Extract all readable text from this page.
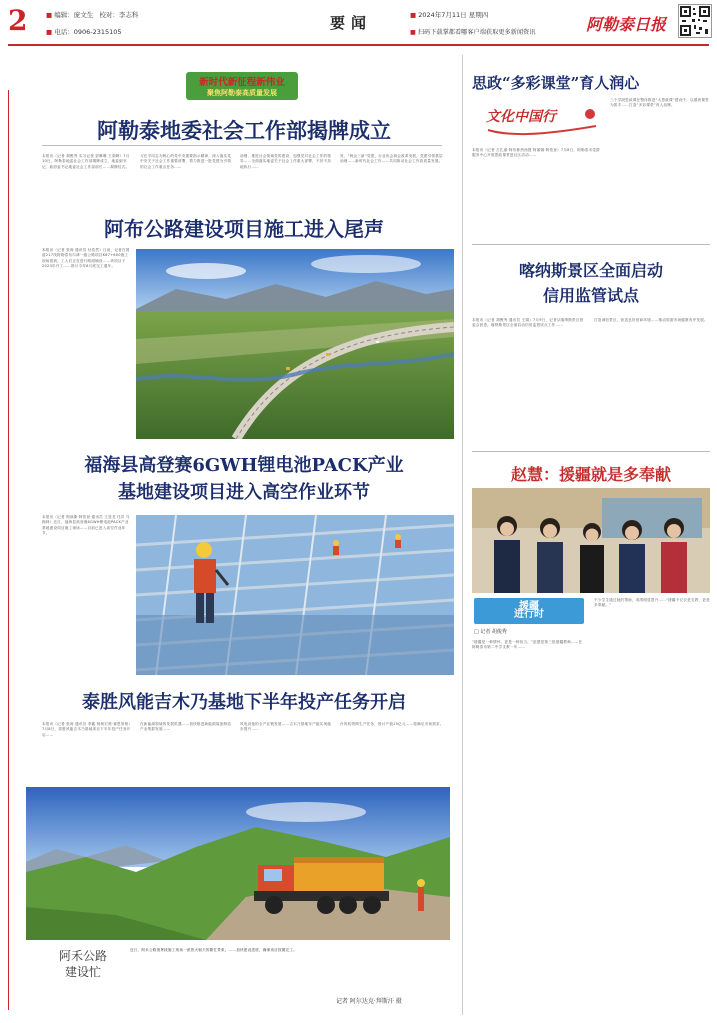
2	■ 编辑：庞文生 校对：李志科
■ 电话：0906-2315105	要闻	■ 2024年7月11日 星期四
■ 扫码下载掌都看哪客户端获取更多新闻资讯	阿勒泰日报
新时代新征程新伟业
聚焦阿勒泰高质量发展
阿勒泰地委社会工作部揭牌成立
本报讯（记者 胡俊秀 实习记者 彭琳琳 王梁啊）7月10日，阿勒泰地委社会工作部揭牌成立，地委副书记、政府委书记地委社会工作部部长……揭牌仪式。
习在平同志为核心的党中央重要指示精神，深入落实党中央关于社会工作重要部署，着力推进一批党建为引领的社会工作重点任务……
治理、推进社会领域党的建设、加强党对社会工作的领导……全面落实地委关于社会工作重大部署，不折不扣地执行……
发、“两企三新”党建、行业协会商会改革发展，党建引领基层治理……新时代社会工作……共同推动社会工作高质量发展。
阿布公路建设项目施工进入尾声
本报讯（记者 张涛 通讯员 付浩然）日前，记者在国道217线阿勒泰布尔津一级公路项目K67+600施工现场看到，工人们正在进行路面铺设……该项目于2023年开工……预计今年8月底交工通车。
福海县高登赛6GWH锂电池PACK产业
基地建设项目进入高空作业环节
本报讯（记者 阿那斯·阿依登 通讯员 王显龙 任洋 马翰林）近日，福海县高登赛6GWH锂电池PACK产业基地建设项目施工现场……目前已进入高空作业环节。
泰胜风能吉木乃基地下半年投产任务开启
本报讯（记者 张涛 通讯员 李鑫 杨柯宏晨·赛恩努格）7月8日，泰胜风能吉木乃基地项目下半年投产任务开启……
在新能源领域的发展机遇……加快推进新能源装备制造产业集群发展……
风电设备的全产业链发展……吉木乃基地年产能实现稳步提升……
台风机塔筒生产任务，预计产值15亿元……将满足市场需求。
阿禾公路
建设忙
近日，阿禾公路指挥段施工现场一派热火朝天的繁忙景象。……加快建设进度，确保项目按期完工。
记者 阿尔达克·拜斯汗 摄
思政“多彩课堂”育人润心
文化中国行
本报讯（记者 古扎丽·阿布都热西提 阿丽娜·阿依登）7月8日，阿勒泰市党群服务中心开展思政课堂进社区活动……
三个学段思政课在整体推进“大思政课”建设中，以德育课堂为抓手……打造“多彩课堂”育人品牌。
喀纳斯景区全面启动
信用监管试点
本报讯（记者 胡俊秀 通讯员 王娟）7月9日，记者从喀纳斯景区管委会获悉，喀纳斯景区全面启动信用监管试点工作……
打造诚信景区，营造良好营商环境……推动旅游市场健康有序发展。
赵慧：援疆就是多奉献
援疆
进行时
□ 记者 胡俊秀
“援疆是一种情怀，更是一种担当。”赵慧是第三批援疆教师……在阿勒泰市第二中学支教一年……
不少学生通过她的帮助，成绩明显提升……“援疆不仅仅是支教，更是多奉献。”
